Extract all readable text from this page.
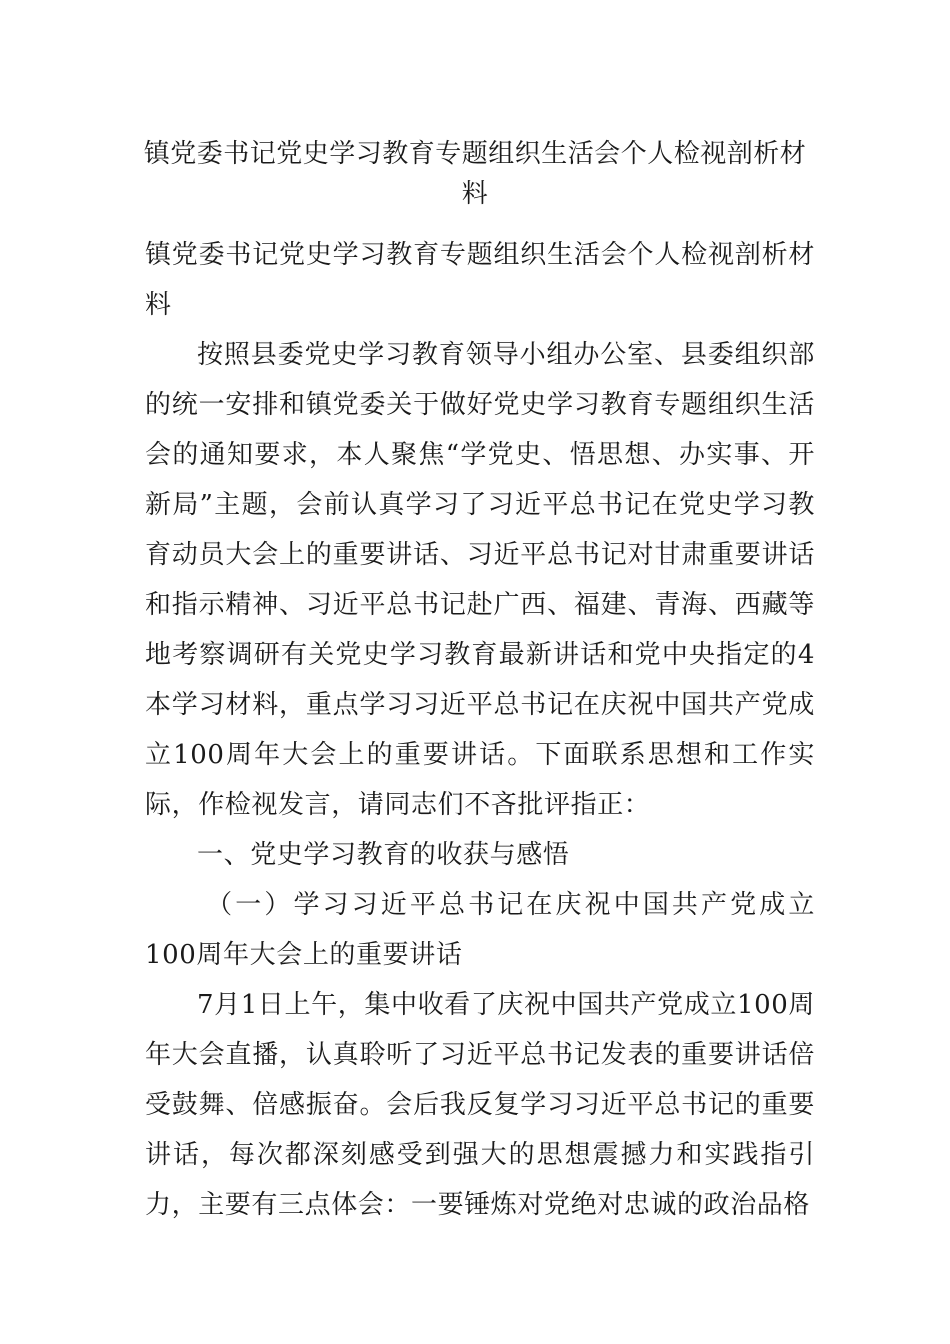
镇党委书记党史学习教育专题组织生活会个人检视剖析材料

镇党委书记党史学习教育专题组织生活会个人检视剖析材料

按照县委党史学习教育领导小组办公室、县委组织部的统一安排和镇党委关于做好党史学习教育专题组织生活会的通知要求，本人聚焦“学党史、悟思想、办实事、开新局”主题，会前认真学习了习近平总书记在党史学习教育动员大会上的重要讲话、习近平总书记对甘肃重要讲话和指示精神、习近平总书记赴广西、福建、青海、西藏等地考察调研有关党史学习教育最新讲话和党中央指定的4本学习材料，重点学习习近平总书记在庆祝中国共产党成立100周年大会上的重要讲话。下面联系思想和工作实际，作检视发言，请同志们不吝批评指正：

一、党史学习教育的收获与感悟

（一）学习习近平总书记在庆祝中国共产党成立100周年大会上的重要讲话

7月1日上午，集中收看了庆祝中国共产党成立100周年大会直播，认真聆听了习近平总书记发表的重要讲话倍受鼓舞、倍感振奋。会后我反复学习习近平总书记的重要讲话，每次都深刻感受到强大的思想震撼力和实践指引力，主要有三点体会：一要锤炼对党绝对忠诚的政治品格
